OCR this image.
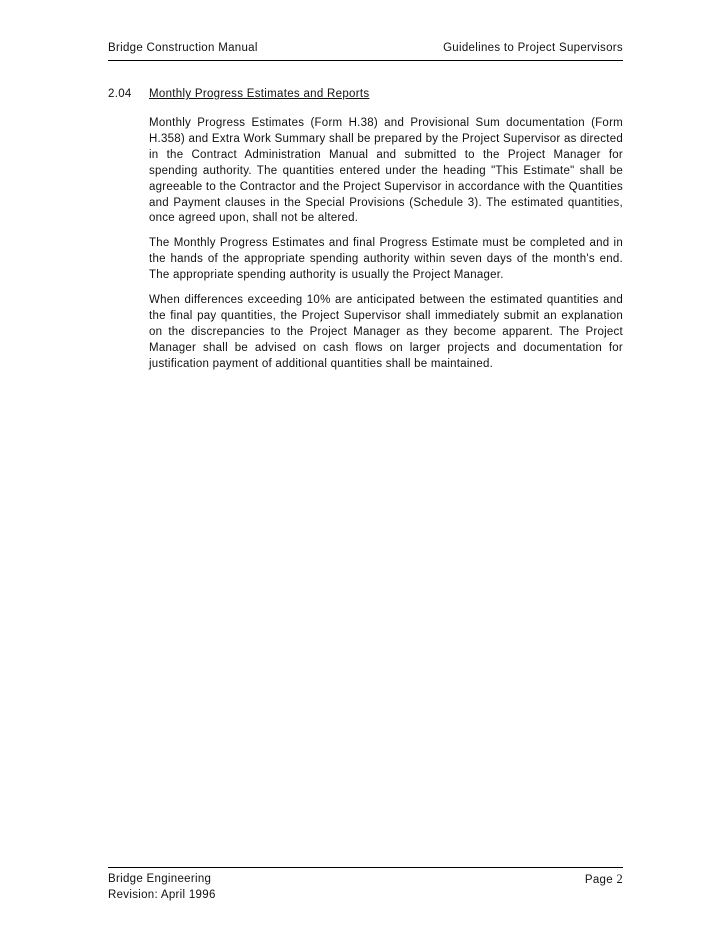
Bridge Construction Manual	Guidelines to Project Supervisors
2.04 Monthly Progress Estimates and Reports

Monthly Progress Estimates (Form H.38) and Provisional Sum documentation (Form H.358) and Extra Work Summary shall be prepared by the Project Supervisor as directed in the Contract Administration Manual and submitted to the Project Manager for spending authority. The quantities entered under the heading "This Estimate" shall be agreeable to the Contractor and the Project Supervisor in accordance with the Quantities and Payment clauses in the Special Provisions (Schedule 3). The estimated quantities, once agreed upon, shall not be altered.

The Monthly Progress Estimates and final Progress Estimate must be completed and in the hands of the appropriate spending authority within seven days of the month's end. The appropriate spending authority is usually the Project Manager.

When differences exceeding 10% are anticipated between the estimated quantities and the final pay quantities, the Project Supervisor shall immediately submit an explanation on the discrepancies to the Project Manager as they become apparent. The Project Manager shall be advised on cash flows on larger projects and documentation for justification payment of additional quantities shall be maintained.

Bridge Engineering
Revision: April 1996
Page 2
